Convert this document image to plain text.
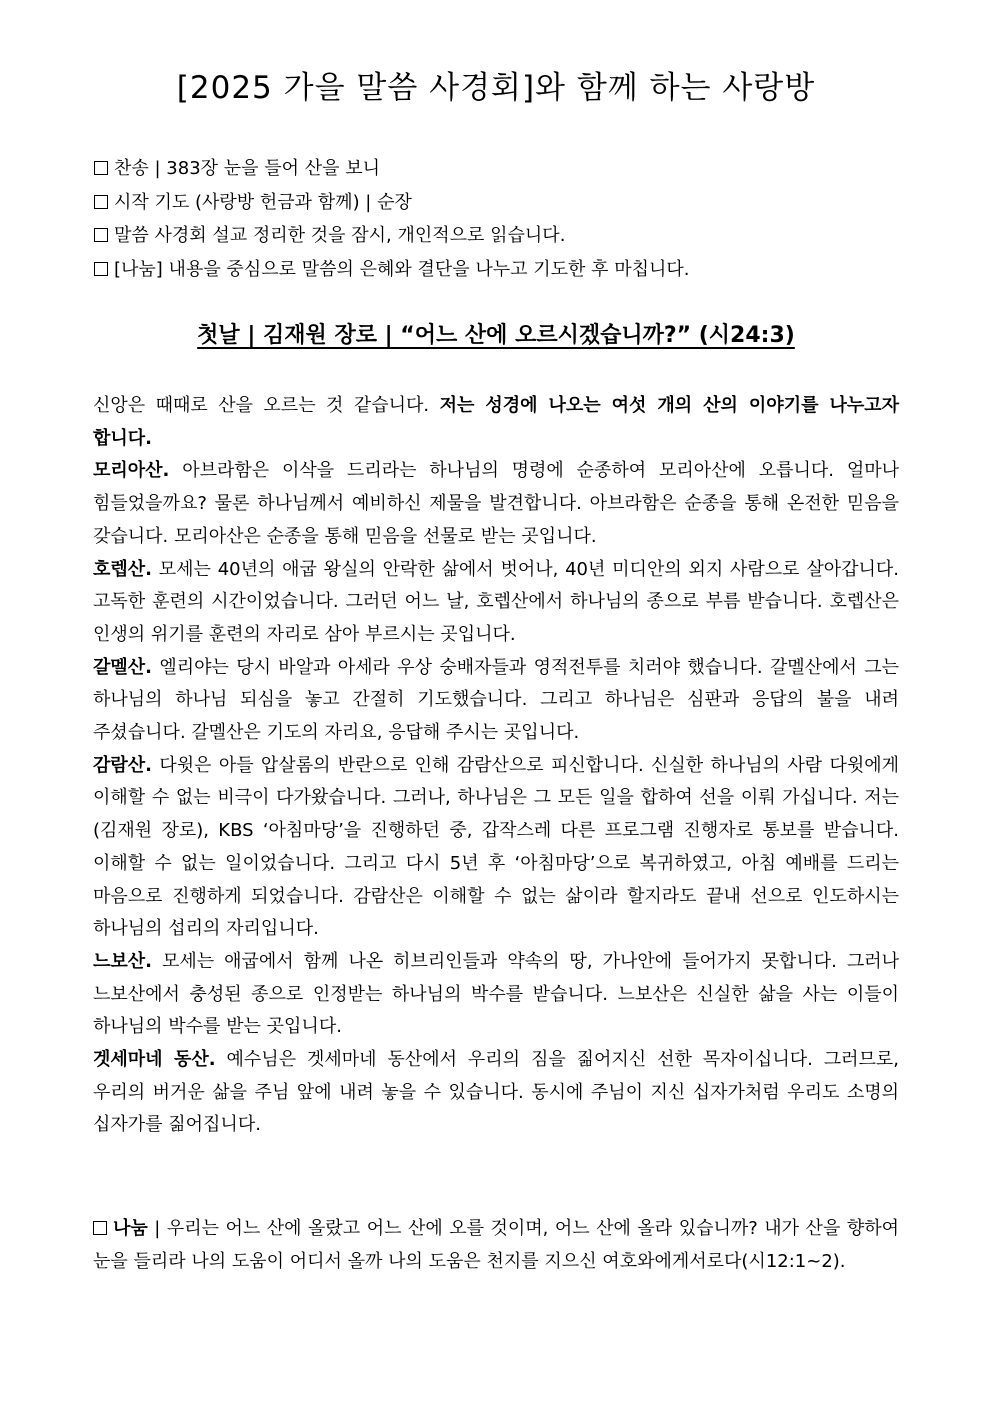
[2025 가을 말씀 사경회]와 함께 하는 사랑방
찬송 | 383장 눈을 들어 산을 보니
시작 기도 (사랑방 헌금과 함께) | 순장
말씀 사경회 설교 정리한 것을 잠시, 개인적으로 읽습니다.
[나눔] 내용을 중심으로 말씀의 은혜와 결단을 나누고 기도한 후 마칩니다.
첫날 | 김재원 장로 | “어느 산에 오르시겠습니까?” (시24:3)

신앙은 때때로 산을 오르는 것 같습니다. 저는 성경에 나오는 여섯 개의 산의 이야기를 나누고자 합니다.

모리아산. 아브라함은 이삭을 드리라는 하나님의 명령에 순종하여 모리아산에 오릅니다. 얼마나 힘들었을까요? 물론 하나님께서 예비하신 제물을 발견합니다. 아브라함은 순종을 통해 온전한 믿음을 갖습니다. 모리아산은 순종을 통해 믿음을 선물로 받는 곳입니다.

호렙산. 모세는 40년의 애굽 왕실의 안락한 삶에서 벗어나, 40년 미디안의 외지 사람으로 살아갑니다. 고독한 훈련의 시간이었습니다. 그러던 어느 날, 호렙산에서 하나님의 종으로 부름 받습니다. 호렙산은 인생의 위기를 훈련의 자리로 삼아 부르시는 곳입니다.

갈멜산. 엘리야는 당시 바알과 아세라 우상 숭배자들과 영적전투를 치러야 했습니다. 갈멜산에서 그는 하나님의 하나님 되심을 놓고 간절히 기도했습니다. 그리고 하나님은 심판과 응답의 불을 내려 주셨습니다. 갈멜산은 기도의 자리요, 응답해 주시는 곳입니다.

감람산. 다윗은 아들 압살롬의 반란으로 인해 감람산으로 피신합니다. 신실한 하나님의 사람 다윗에게 이해할 수 없는 비극이 다가왔습니다. 그러나, 하나님은 그 모든 일을 합하여 선을 이뤄 가십니다. 저는(김재원 장로), KBS ‘아침마당’을 진행하던 중, 갑작스레 다른 프로그램 진행자로 통보를 받습니다. 이해할 수 없는 일이었습니다. 그리고 다시 5년 후 ‘아침마당’으로 복귀하였고, 아침 예배를 드리는 마음으로 진행하게 되었습니다. 감람산은 이해할 수 없는 삶이라 할지라도 끝내 선으로 인도하시는 하나님의 섭리의 자리입니다.

느보산. 모세는 애굽에서 함께 나온 히브리인들과 약속의 땅, 가나안에 들어가지 못합니다. 그러나 느보산에서 충성된 종으로 인정받는 하나님의 박수를 받습니다. 느보산은 신실한 삶을 사는 이들이 하나님의 박수를 받는 곳입니다.

겟세마네 동산. 예수님은 겟세마네 동산에서 우리의 짐을 짊어지신 선한 목자이십니다. 그러므로, 우리의 버거운 삶을 주님 앞에 내려 놓을 수 있습니다. 동시에 주님이 지신 십자가처럼 우리도 소명의 십자가를 짊어집니다.

나눔 | 우리는 어느 산에 올랐고 어느 산에 오를 것이며, 어느 산에 올라 있습니까? 내가 산을 향하여 눈을 들리라 나의 도움이 어디서 올까 나의 도움은 천지를 지으신 여호와에게서로다(시12:1~2).
